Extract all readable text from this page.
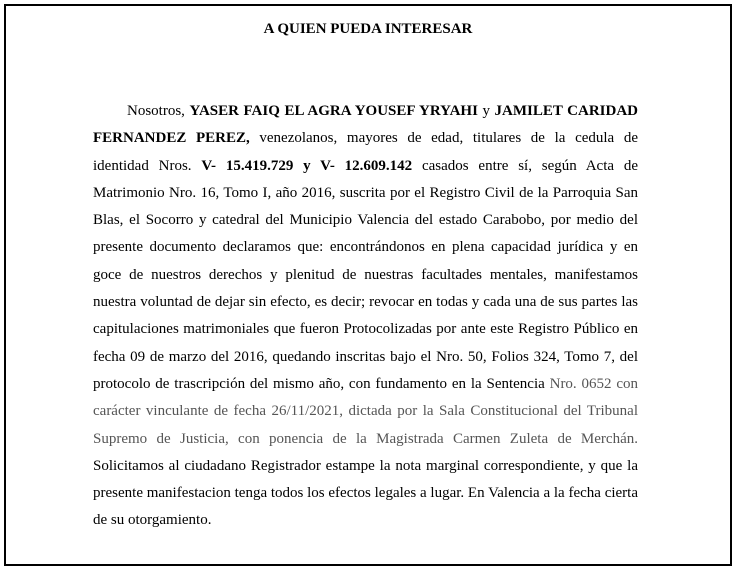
A QUIEN PUEDA INTERESAR

Nosotros, YASER FAIQ EL AGRA YOUSEF YRYAHI y JAMILET CARIDAD FERNANDEZ PEREZ, venezolanos, mayores de edad, titulares de la cedula de identidad Nros. V- 15.419.729 y V- 12.609.142 casados entre sí, según Acta de Matrimonio Nro. 16, Tomo I, año 2016, suscrita por el Registro Civil de la Parroquia San Blas, el Socorro y catedral del Municipio Valencia del estado Carabobo, por medio del presente documento declaramos que: encontrándonos en plena capacidad jurídica y en goce de nuestros derechos y plenitud de nuestras facultades mentales, manifestamos nuestra voluntad de dejar sin efecto, es decir; revocar en todas y cada una de sus partes las capitulaciones matrimoniales que fueron Protocolizadas por ante este Registro Público en fecha 09 de marzo del 2016, quedando inscritas bajo el Nro. 50, Folios 324, Tomo 7, del protocolo de trascripción del mismo año, con fundamento en la Sentencia Nro. 0652 con carácter vinculante de fecha 26/11/2021, dictada por la Sala Constitucional del Tribunal Supremo de Justicia, con ponencia de la Magistrada Carmen Zuleta de Merchán. Solicitamos al ciudadano Registrador estampe la nota marginal correspondiente, y que la presente manifestacion tenga todos los efectos legales a lugar. En Valencia a la fecha cierta de su otorgamiento.
